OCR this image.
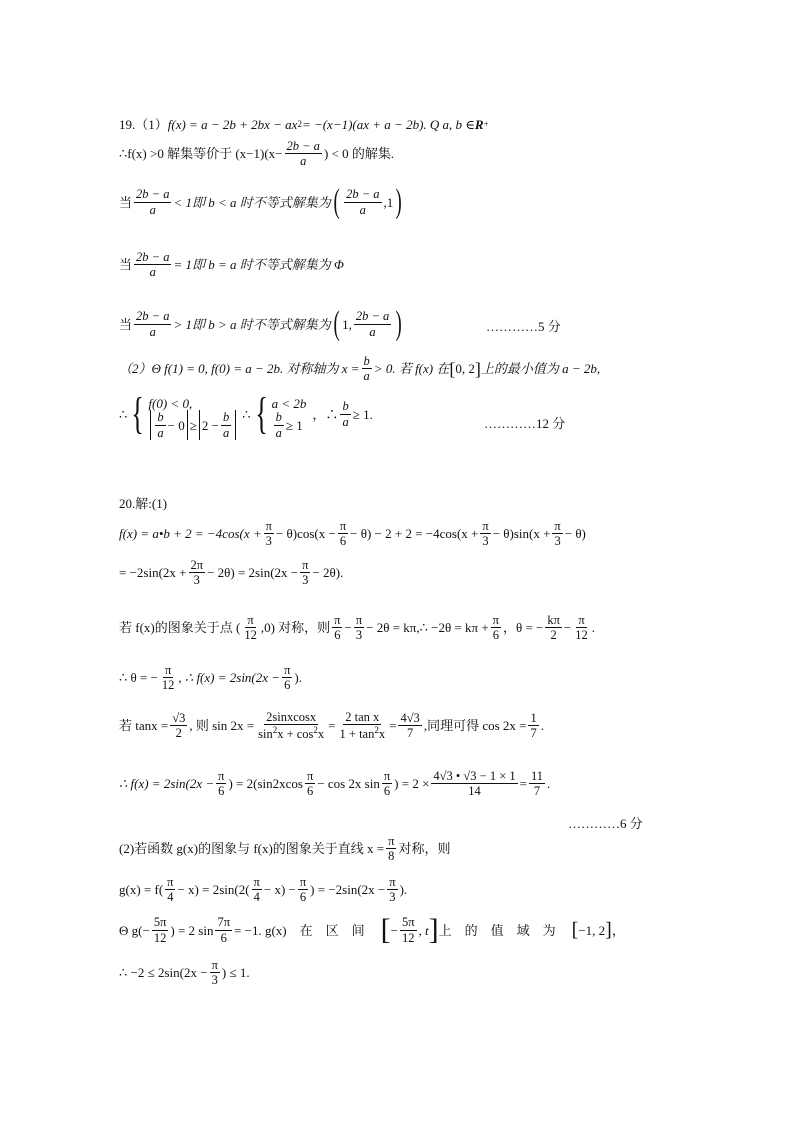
19.（1） f(x) = a − 2b + 2bx − ax 2 = −(x−1)(ax + a − 2b). Q a, b ∈ R +
∴f(x) >0 解集等价于 $(x-1)(x- \frac{2b - a}{a}$ ) < 0 的解集.
当 $\frac{2b - a}{a} < 1$即 b < a 时不等式解集为 ( $\frac{2b - a}{a} ,1$ )
当 $\frac{2b - a}{a} = 1$即 b = a 时不等式解集为 Φ
当 $\frac{2b - a}{a} > 1$即 b > a 时不等式解集为 ( 1, $\frac{2b - a}{a}$ )	…………5 分
（2）Θ f(1) = 0, f(0) = a − 2b. 对称轴为 $x = \frac{b}{a} > 0$. 若 f(x) 在 [ 0, 2 ] 上的最小值为 a − 2b,
∴ { f(0) < 0,
$\frac{b}{a} - 0 \ge 2 - \frac{b}{a}$ ∴ { a < 2b
$\frac{b}{a} \ge 1$
，∴ $\frac{b}{a} \ge 1$.
…………12 分
20.解:(1)
f(x) = a•b + $2 = -4\cos(x + \frac{\pi}{3} - \theta)\cos(x - \frac{\pi}{6} - \theta) - 2 + 2 = -4\cos(x + \frac{\pi}{3} - \theta)\sin(x + \frac{\pi}{3} - \theta)$
= $-2\sin(2x + \frac{2\pi}{3} - 2\theta) = 2\sin(2x - \frac{\pi}{3} - 2\theta)$.
若 f(x)的图象关于点 ( $\frac{\pi}{12} ,0$) 对称，则 $\frac{\pi}{6} - \frac{\pi}{3} - 2\theta$ = kπ,∴ $-2\theta = k\pi + \frac{\pi}{6}$ ，θ = − $\frac{k\pi}{2} - \frac{\pi}{12}$ .
∴ θ = − $\frac{\pi}{12}$ , ∴ $f(x) = 2\sin(2x - \frac{\pi}{6}$ ).
若 $\tan x = \frac{√3}{2}$ , 则 $\sin 2x = \frac{\text{2sinxcosx}}{\sin^2x + \cos^2x} = \frac{\text{2 tan x}}{1 + \tan^2x} = \frac{4√3}{7}$ ,同理可得 $\cos 2x = \frac{1}{7}$ .
∴ $f(x) = 2\sin(2x - \frac{\pi}{6}$ ) = $2(\sin 2xcos \frac{\pi}{6} - \cos 2x$ $\sin \frac{\pi}{6}$ ) = $2 \times \frac{4√3 • √3 - 1 \times 1}{14} = \frac{11}{7}$ .
…………6 分
(2)若函数 g(x)的图象与 f(x)的图象关于直线 $x = \frac{\pi}{8}$ 对称，则
$g(x) = f( \frac{\pi}{4} - x) = 2\sin(2( \frac{\pi}{4} - x) - \frac{\pi}{6}$ ) = $-2\sin(2x - \frac{\pi}{3}$ ).
Θ $g(- \frac{5\pi}{12}$ ) = 2 $\sin \frac{7\pi}{6} = -1$. g(x)　在　区　间 [ − $\frac{5\pi}{12}$ , t ] 上　的　值　域　为 [ −1, 2 ] ，
∴ $-2 \le 2\sin(2x - \frac{\pi}{3}$ ) ≤ 1.
